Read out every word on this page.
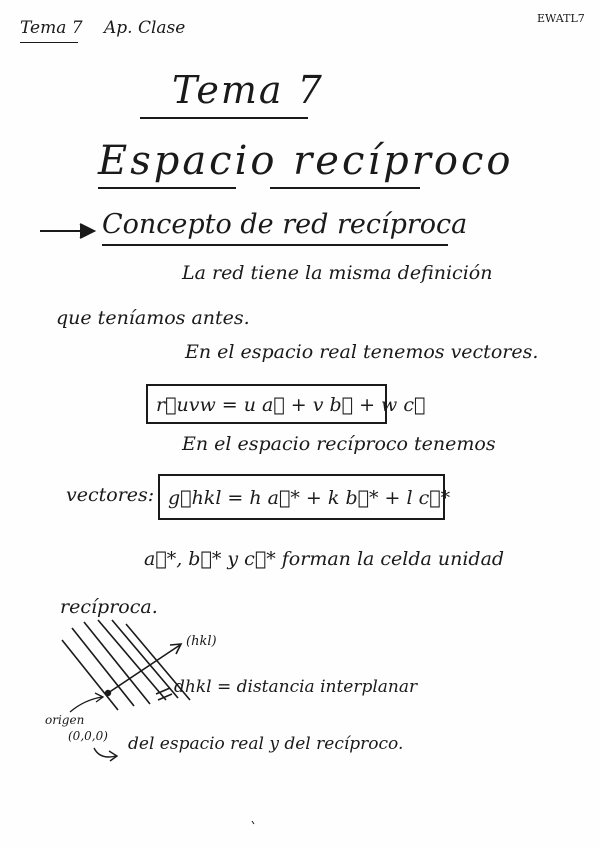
Tema 7 Ap. Clase	EWATL7
Tema 7
Espacio recíproco
Concepto de red recíproca
La red tiene la misma definición
que teníamos antes.
En el espacio real tenemos vectores.
r⃗uvw = u a⃗ + v b⃗ + w c⃗
En el espacio recíproco tenemos
vectores: g⃗hkl = h a⃗* + k b⃗* + l c⃗*
a⃗*, b⃗* y c⃗* forman la celda unidad
recíproca.
(hkl)
dhkl = distancia interplanar
origen
(0,0,0) del espacio real y del recíproco.
